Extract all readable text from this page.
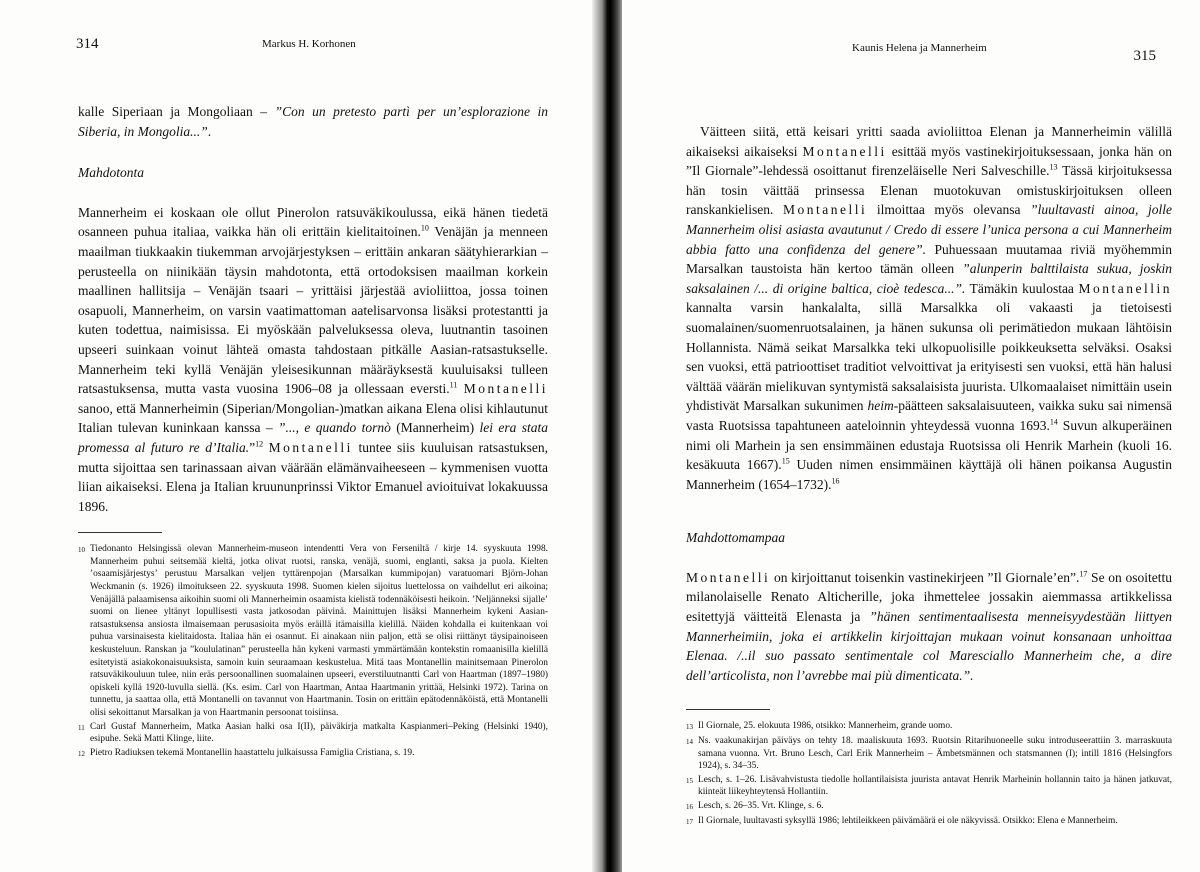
314	Markus H. Korhonen

kalle Siperiaan ja Mongoliaan – ”Con un pretesto partì per un’esplorazione in Siberia, in Mongolia...”.

Mahdotonta

Mannerheim ei koskaan ole ollut Pinerolon ratsuväkikoulussa, eikä hänen tiedetä osanneen puhua italiaa, vaikka hän oli erittäin kielitaitoinen.$^{10}$ Venäjän ja menneen maailman tiukkaakin tiukemman arvojärjestyksen – erittäin ankaran säätyhierarkian – perusteella on niinikään täysin mahdotonta, että ortodoksisen maailman korkein maallinen hallitsija – Venäjän tsaari – yrittäisi järjestää avioliittoa, jossa toinen osapuoli, Mannerheim, on varsin vaatimattoman aatelisarvonsa lisäksi protestantti ja kuten todettua, naimisissa. Ei myöskään palveluksessa oleva, luutnantin tasoinen upseeri suinkaan voinut lähteä omasta tahdostaan pitkälle Aasian-ratsastukselle. Mannerheim teki kyllä Venäjän yleisesikunnan määräyksestä kuuluisaksi tulleen ratsastuksensa, mutta vasta vuosina 1906–08 ja ollessaan eversti.$^{11}$ Montanelli sanoo, että Mannerheimin (Siperian/Mongolian-)matkan aikana Elena olisi kihlautunut Italian tulevan kuninkaan kanssa – ”..., e quando tornò (Mannerheim) lei era stata promessa al futuro re d’Italia.”$^{12}$ Montanelli tuntee siis kuuluisan ratsastuksen, mutta sijoittaa sen tarinassaan aivan väärään elämänvaiheeseen – kymmenisen vuotta liian aikaiseksi. Elena ja Italian kruununprinssi Viktor Emanuel avioituivat lokakuussa 1896.

10 Tiedonanto Helsingissä olevan Mannerheim-museon intendentti Vera von Ferseniltä / kirje 14. syyskuuta 1998. Mannerheim puhui seitsemää kieltä, jotka olivat ruotsi, ranska, venäjä, suomi, englanti, saksa ja puola. Kielten ’osaamisjärjestys’ perustuu Marsalkan veljen tyttärenpojan (Marsalkan kummipojan) varatuomari Björn-Johan Weckmanin (s. 1926) ilmoitukseen 22. syyskuuta 1998. Suomen kielen sijoitus luettelossa on vaihdellut eri aikoina; Venäjällä palaamisensa aikoihin suomi oli Mannerheimin osaamista kielistä todennäköisesti heikoin. ’Neljänneksi sijalle’ suomi on lienee yltänyt lopullisesti vasta jatkosodan päivinä. Mainittujen lisäksi Mannerheim kykeni Aasian-ratsastuksensa ansiosta ilmaisemaan perusasioita myös eräillä itämaisilla kielillä. Näiden kohdalla ei kuitenkaan voi puhua varsinaisesta kielitaidosta. Italiaa hän ei osannut. Ei ainakaan niin paljon, että se olisi riittänyt täysipainoiseen keskusteluun. Ranskan ja ”koululatinan” perusteella hän kykeni varmasti ymmärtämään kontekstin romaanisilla kielillä esitetyistä asiakokonaisuuksista, samoin kuin seuraamaan keskustelua. Mitä taas Montanellin mainitsemaan Pinerolon ratsuväkikouluun tulee, niin eräs persoonallinen suomalainen upseeri, everstiluutnantti Carl von Haartman (1897–1980) opiskeli kyllä 1920-luvulla siellä. (Ks. esim. Carl von Haartman, Antaa Haartmanin yrittää, Helsinki 1972). Tarina on tunnettu, ja saattaa olla, että Montanelli on tavannut von Haartmanin. Tosin on erittäin epätodennäköistä, että Montanelli olisi sekoittanut Marsalkan ja von Haartmanin persoonat toisiinsa.
11 Carl Gustaf Mannerheim, Matka Aasian halki osa I(II), päiväkirja matkalta Kaspianmeri–Peking (Helsinki 1940), esipuhe. Sekä Matti Klinge, liite.
12 Pietro Radiuksen tekemä Montanellin haastattelu julkaisussa Famiglia Cristiana, s. 19.
Kaunis Helena ja Mannerheim	315

Väitteen siitä, että keisari yritti saada avioliittoa Elenan ja Mannerheimin välillä aikaiseksi aikaiseksi Montanelli esittää myös vastinekirjoituksessaan, jonka hän on ”Il Giornale”-lehdessä osoittanut firenzeläiselle Neri Salveschille.$^{13}$ Tässä kirjoituksessa hän tosin väittää prinsessa Elenan muotokuvan omistuskirjoituksen olleen ranskankielisen. Montanelli ilmoittaa myös olevansa ”luultavasti ainoa, jolle Mannerheim olisi asiasta avautunut / Credo di essere l’unica persona a cui Mannerheim abbia fatto una confidenza del genere”. Puhuessaan muutamaa riviä myöhemmin Marsalkan taustoista hän kertoo tämän olleen ”alunperin balttilaista sukua, joskin saksalainen /... di origine baltica, cioè tedesca...”. Tämäkin kuulostaa Montanellin kannalta varsin hankalalta, sillä Marsalkka oli vakaasti ja tietoisesti suomalainen/suomenruotsalainen, ja hänen sukunsa oli perimätiedon mukaan lähtöisin Hollannista. Nämä seikat Marsalkka teki ulkopuolisille poikkeuksetta selväksi. Osaksi sen vuoksi, että patrioottiset traditiot velvoittivat ja erityisesti sen vuoksi, että hän halusi välttää väärän mielikuvan syntymistä saksalaisista juurista. Ulkomaalaiset nimittäin usein yhdistivät Marsalkan sukunimen heim-päätteen saksalaisuuteen, vaikka suku sai nimensä vasta Ruotsissa tapahtuneen aateloinnin yhteydessä vuonna 1693.14 Suvun alkuperäinen nimi oli Marhein ja sen ensimmäinen edustaja Ruotsissa oli Henrik Marhein (kuoli 16. kesäkuuta 1667).$^{15}$ Uuden nimen ensimmäinen käyttäjä oli hänen poikansa Augustin Mannerheim (1654–1732).$^{16}$

Mahdottomampaa

Montanelli on kirjoittanut toisenkin vastinekirjeen ”Il Giornale’en”.$^{17}$ Se on osoitettu milanolaiselle Renato Alticherille, joka ihmettelee jossakin aiemmassa artikkelissa esitettyjä väitteitä Elenasta ja ”hänen sentimentaalisesta menneisyydestään liittyen Mannerheimiin, joka ei artikkelin kirjoittajan mukaan voinut konsanaan unhoittaa Elenaa. /..il suo passato sentimentale col Maresciallo Mannerheim che, a dire dell’articolista, non l’avrebbe mai più dimenticata.”.

13 Il Giornale, 25. elokuuta 1986, otsikko: Mannerheim, grande uomo.
14 Ns. vaakunakirjan päiväys on tehty 18. maaliskuuta 1693. Ruotsin Ritarihuoneelle suku introduseerattiin 3. marraskuuta samana vuonna. Vrt. Bruno Lesch, Carl Erik Mannerheim – Ämbetsmännen och statsmannen (I); intill 1816 (Helsingfors 1924), s. 34–35.
15 Lesch, s. 1–26. Lisävahvistusta tiedolle hollantilaisista juurista antavat Henrik Marheinin hollannin taito ja hänen jatkuvat, kiinteät liikeyhteytensä Hollantiin.
16 Lesch, s. 26–35. Vrt. Klinge, s. 6.
17 Il Giornale, luultavasti syksyllä 1986; lehtileikkeen päivämäärä ei ole näkyvissä. Otsikko: Elena e Mannerheim.
